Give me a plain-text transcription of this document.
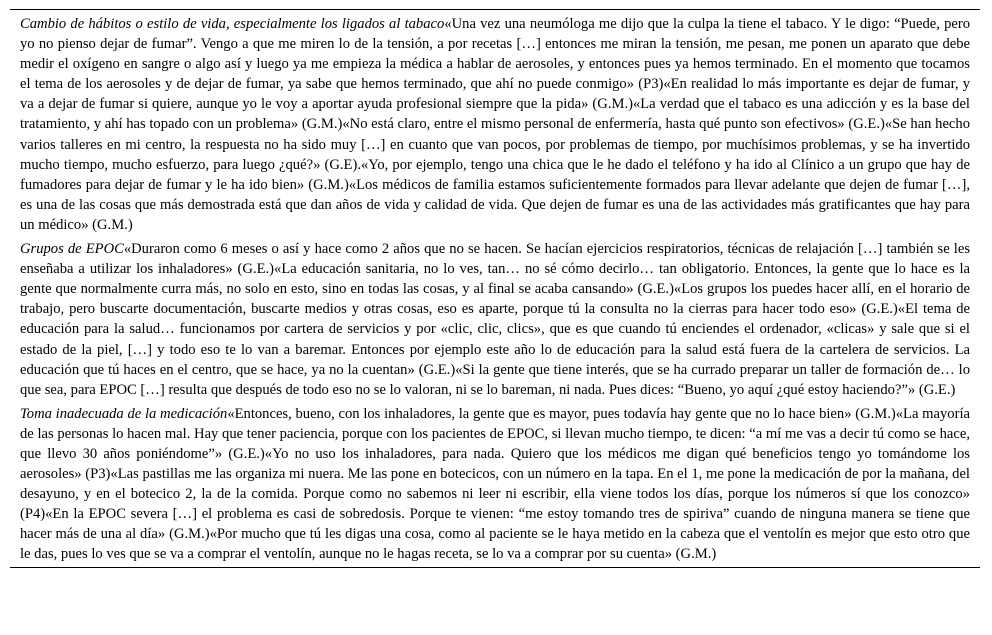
Cambio de hábitos o estilo de vida, especialmente los ligados al tabaco«Una vez una neumóloga me dijo que la culpa la tiene el tabaco. Y le digo: “Puede, pero yo no pienso dejar de fumar”. Vengo a que me miren lo de la tensión, a por recetas […] entonces me miran la tensión, me pesan, me ponen un aparato que debe medir el oxígeno en sangre o algo así y luego ya me empieza la médica a hablar de aerosoles, y entonces pues ya hemos terminado. En el momento que tocamos el tema de los aerosoles y de dejar de fumar, ya sabe que hemos terminado, que ahí no puede conmigo» (P3)«En realidad lo más importante es dejar de fumar, y va a dejar de fumar si quiere, aunque yo le voy a aportar ayuda profesional siempre que la pida» (G.M.)«La verdad que el tabaco es una adicción y es la base del tratamiento, y ahí has topado con un problema» (G.M.)«No está claro, entre el mismo personal de enfermería, hasta qué punto son efectivos» (G.E.)«Se han hecho varios talleres en mi centro, la respuesta no ha sido muy […] en cuanto que van pocos, por problemas de tiempo, por muchísimos problemas, y se ha invertido mucho tiempo, mucho esfuerzo, para luego ¿qué?» (G.E).«Yo, por ejemplo, tengo una chica que le he dado el teléfono y ha ido al Clínico a un grupo que hay de fumadores para dejar de fumar y le ha ido bien» (G.M.)«Los médicos de familia estamos suficientemente formados para llevar adelante que dejen de fumar […], es una de las cosas que más demostrada está que dan años de vida y calidad de vida. Que dejen de fumar es una de las actividades más gratificantes que hay para un médico» (G.M.)

Grupos de EPOC«Duraron como 6 meses o así y hace como 2 años que no se hacen. Se hacían ejercicios respiratorios, técnicas de relajación […] también se les enseñaba a utilizar los inhaladores» (G.E.)«La educación sanitaria, no lo ves, tan… no sé cómo decirlo… tan obligatorio. Entonces, la gente que lo hace es la gente que normalmente curra más, no solo en esto, sino en todas las cosas, y al final se acaba cansando» (G.E.)«Los grupos los puedes hacer allí, en el horario de trabajo, pero buscarte documentación, buscarte medios y otras cosas, eso es aparte, porque tú la consulta no la cierras para hacer todo eso» (G.E.)«El tema de educación para la salud… funcionamos por cartera de servicios y por «clic, clic, clics», que es que cuando tú enciendes el ordenador, «clicas» y sale que si el estado de la piel, […] y todo eso te lo van a baremar. Entonces por ejemplo este año lo de educación para la salud está fuera de la cartelera de servicios. La educación que tú haces en el centro, que se hace, ya no la cuentan» (G.E.)«Si la gente que tiene interés, que se ha currado preparar un taller de formación de… lo que sea, para EPOC […] resulta que después de todo eso no se lo valoran, ni se lo bareman, ni nada. Pues dices: “Bueno, yo aquí ¿qué estoy haciendo?”» (G.E.)

Toma inadecuada de la medicación«Entonces, bueno, con los inhaladores, la gente que es mayor, pues todavía hay gente que no lo hace bien» (G.M.)«La mayoría de las personas lo hacen mal. Hay que tener paciencia, porque con los pacientes de EPOC, si llevan mucho tiempo, te dicen: “a mí me vas a decir tú como se hace, que llevo 30 años poniéndome”» (G.E.)«Yo no uso los inhaladores, para nada. Quiero que los médicos me digan qué beneficios tengo yo tomándome los aerosoles» (P3)«Las pastillas me las organiza mi nuera. Me las pone en botecicos, con un número en la tapa. En el 1, me pone la medicación de por la mañana, del desayuno, y en el botecico 2, la de la comida. Porque como no sabemos ni leer ni escribir, ella viene todos los días, porque los números sí que los conozco» (P4)«En la EPOC severa […] el problema es casi de sobredosis. Porque te vienen: “me estoy tomando tres de spiriva” cuando de ninguna manera se tiene que hacer más de una al día» (G.M.)«Por mucho que tú les digas una cosa, como al paciente se le haya metido en la cabeza que el ventolín es mejor que esto otro que le das, pues lo ves que se va a comprar el ventolín, aunque no le hagas receta, se lo va a comprar por su cuenta» (G.M.)
